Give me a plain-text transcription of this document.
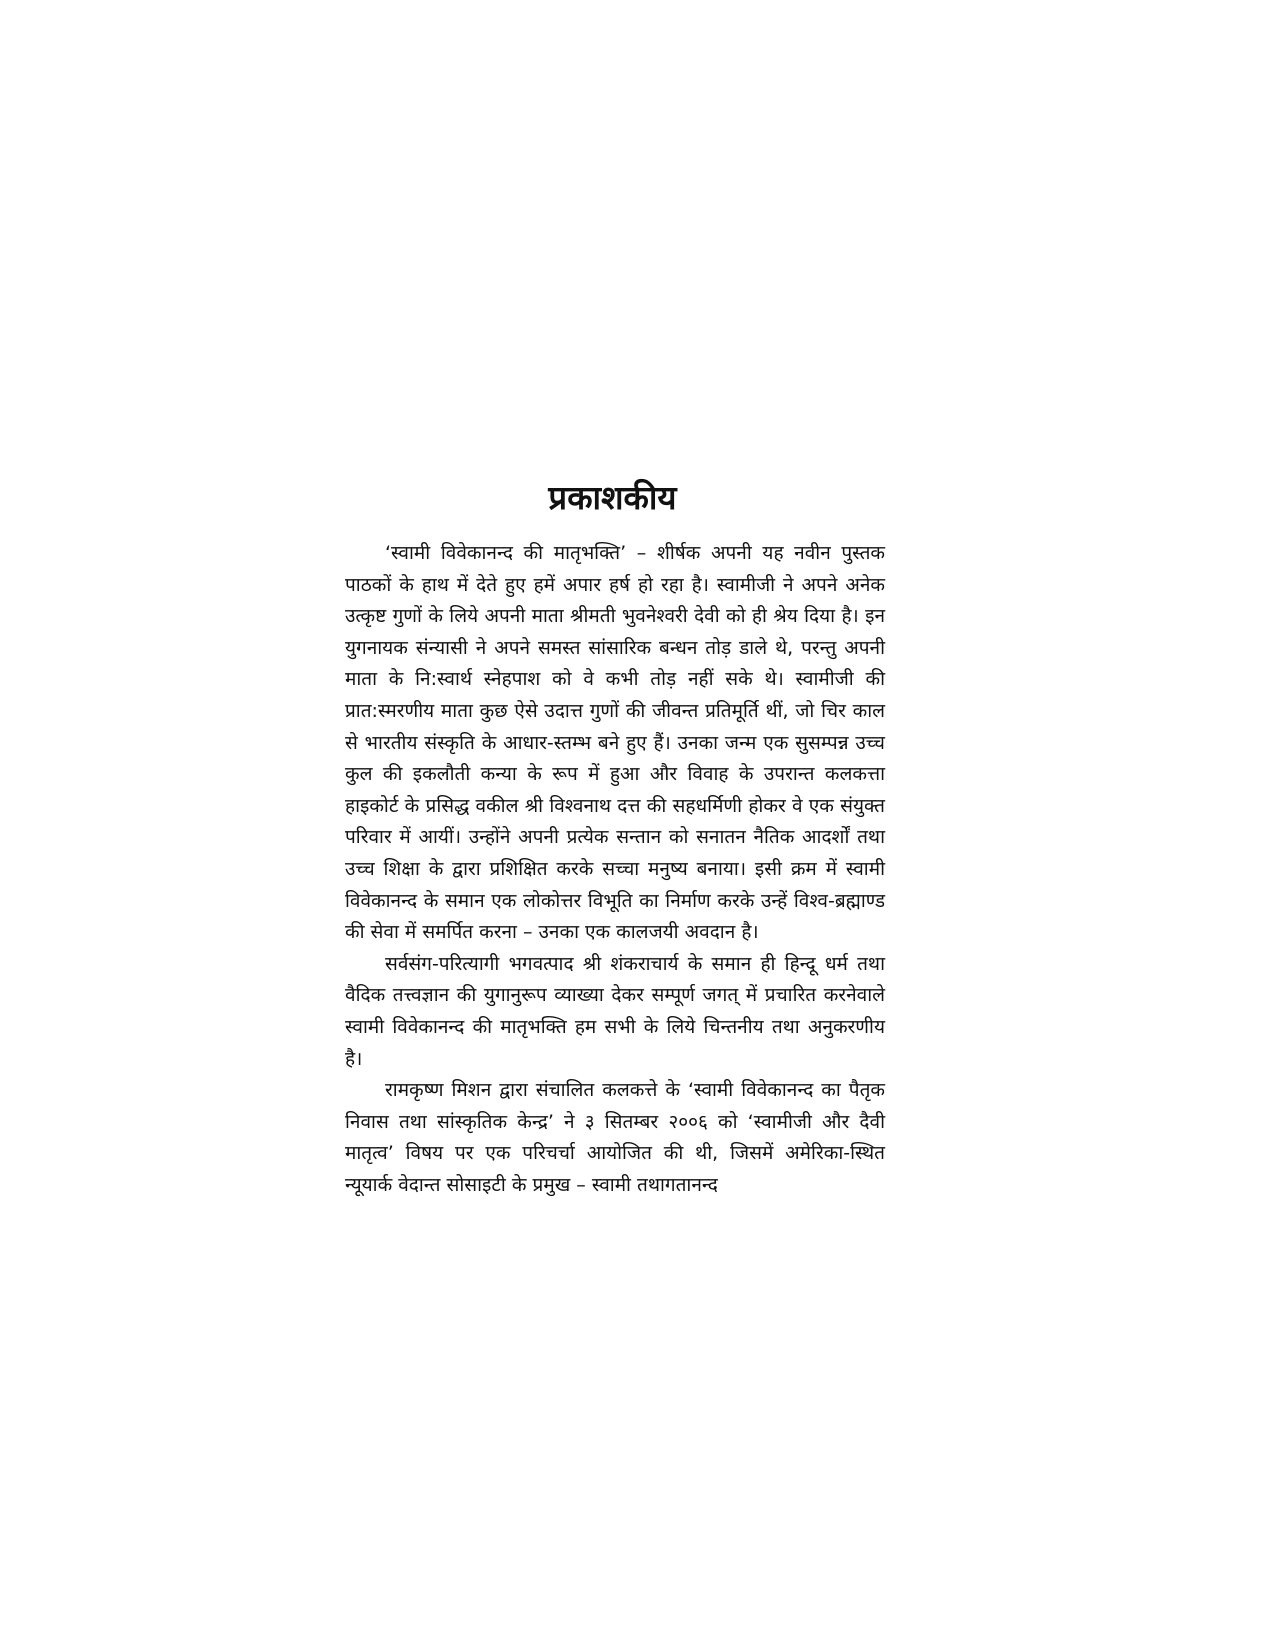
प्रकाशकीय

‘स्वामी विवेकानन्द की मातृभक्ति’ – शीर्षक अपनी यह नवीन पुस्तक पाठकों के हाथ में देते हुए हमें अपार हर्ष हो रहा है। स्वामीजी ने अपने अनेक उत्कृष्ट गुणों के लिये अपनी माता श्रीमती भुवनेश्वरी देवी को ही श्रेय दिया है। इन युगनायक संन्यासी ने अपने समस्त सांसारिक बन्धन तोड़ डाले थे, परन्तु अपनी माता के नि:स्वार्थ स्नेहपाश को वे कभी तोड़ नहीं सके थे। स्वामीजी की प्रात:स्मरणीय माता कुछ ऐसे उदात्त गुणों की जीवन्त प्रतिमूर्ति थीं, जो चिर काल से भारतीय संस्कृति के आधार-स्तम्भ बने हुए हैं। उनका जन्म एक सुसम्पन्न उच्च कुल की इकलौती कन्या के रूप में हुआ और विवाह के उपरान्त कलकत्ता हाइकोर्ट के प्रसिद्ध वकील श्री विश्वनाथ दत्त की सहधर्मिणी होकर वे एक संयुक्त परिवार में आयीं। उन्होंने अपनी प्रत्येक सन्तान को सनातन नैतिक आदर्शों तथा उच्च शिक्षा के द्वारा प्रशिक्षित करके सच्चा मनुष्य बनाया। इसी क्रम में स्वामी विवेकानन्द के समान एक लोकोत्तर विभूति का निर्माण करके उन्हें विश्व-ब्रह्माण्ड की सेवा में समर्पित करना – उनका एक कालजयी अवदान है।

सर्वसंग-परित्यागी भगवत्पाद श्री शंकराचार्य के समान ही हिन्दू धर्म तथा वैदिक तत्त्वज्ञान की युगानुरूप व्याख्या देकर सम्पूर्ण जगत् में प्रचारित करनेवाले स्वामी विवेकानन्द की मातृभक्ति हम सभी के लिये चिन्तनीय तथा अनुकरणीय है।

रामकृष्ण मिशन द्वारा संचालित कलकत्ते के ‘स्वामी विवेकानन्द का पैतृक निवास तथा सांस्कृतिक केन्द्र’ ने ३ सितम्बर २००६ को ‘स्वामीजी और दैवी मातृत्व’ विषय पर एक परिचर्चा आयोजित की थी, जिसमें अमेरिका-स्थित न्यूयार्क वेदान्त सोसाइटी के प्रमुख – स्वामी तथागतानन्द
